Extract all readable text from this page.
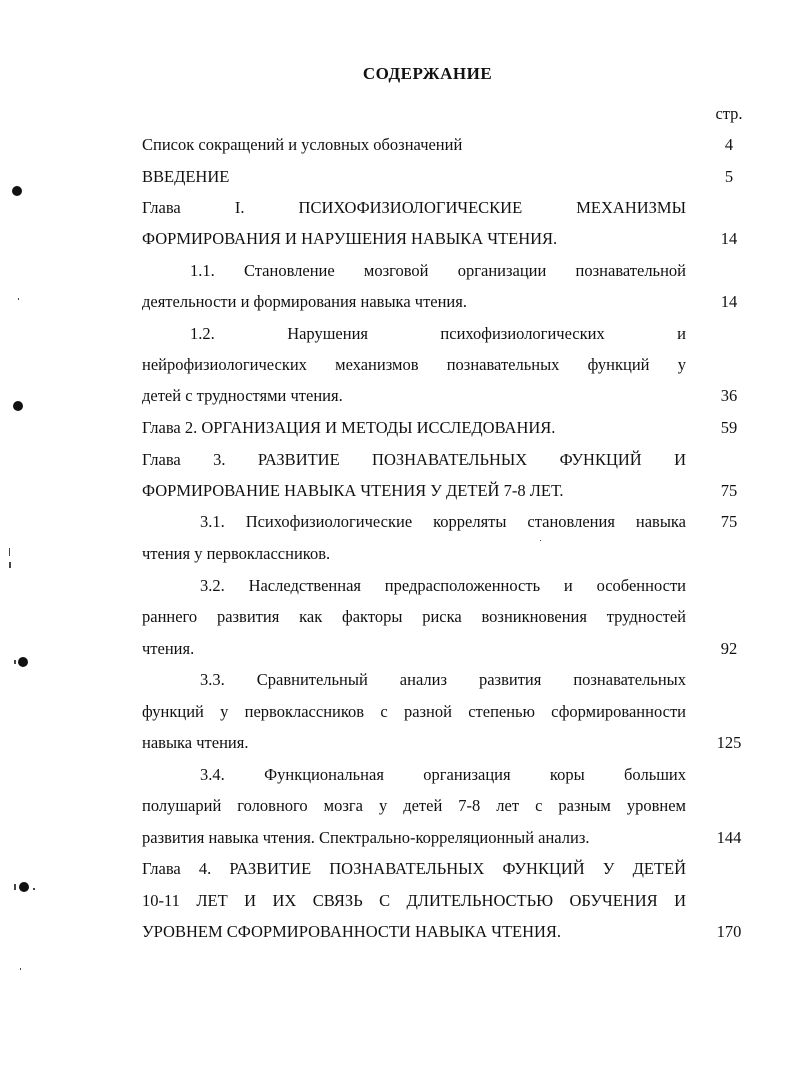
СОДЕРЖАНИЕ
стр.
Список сокращений и условных обозначений	4
ВВЕДЕНИЕ	5
Глава I. ПСИХОФИЗИОЛОГИЧЕСКИЕ МЕХАНИЗМЫ
ФОРМИРОВАНИЯ И НАРУШЕНИЯ НАВЫКА ЧТЕНИЯ.	14
1.1. Становление мозговой организации познавательной
деятельности и формирования навыка чтения.	14
1.2. Нарушения психофизиологических и
нейрофизиологических механизмов познавательных функций у
детей с трудностями чтения.	36
Глава 2. ОРГАНИЗАЦИЯ И МЕТОДЫ ИССЛЕДОВАНИЯ.	59
Глава 3. РАЗВИТИЕ ПОЗНАВАТЕЛЬНЫХ ФУНКЦИЙ И
ФОРМИРОВАНИЕ НАВЫКА ЧТЕНИЯ У ДЕТЕЙ 7-8 ЛЕТ.	75
3.1. Психофизиологические корреляты становления навыка	75
чтения у первоклассников.
3.2. Наследственная предрасположенность и особенности
раннего развития как факторы риска возникновения трудностей
чтения.	92
3.3. Сравнительный анализ развития познавательных
функций у первоклассников с разной степенью сформированности
навыка чтения.	125
3.4. Функциональная организация коры больших
полушарий головного мозга у детей 7-8 лет с разным уровнем
развития навыка чтения. Спектрально-корреляционный анализ.	144
Глава 4. РАЗВИТИЕ ПОЗНАВАТЕЛЬНЫХ ФУНКЦИЙ У ДЕТЕЙ
10-11 ЛЕТ И ИХ СВЯЗЬ С ДЛИТЕЛЬНОСТЬЮ ОБУЧЕНИЯ И
УРОВНЕМ СФОРМИРОВАННОСТИ НАВЫКА ЧТЕНИЯ.	170
